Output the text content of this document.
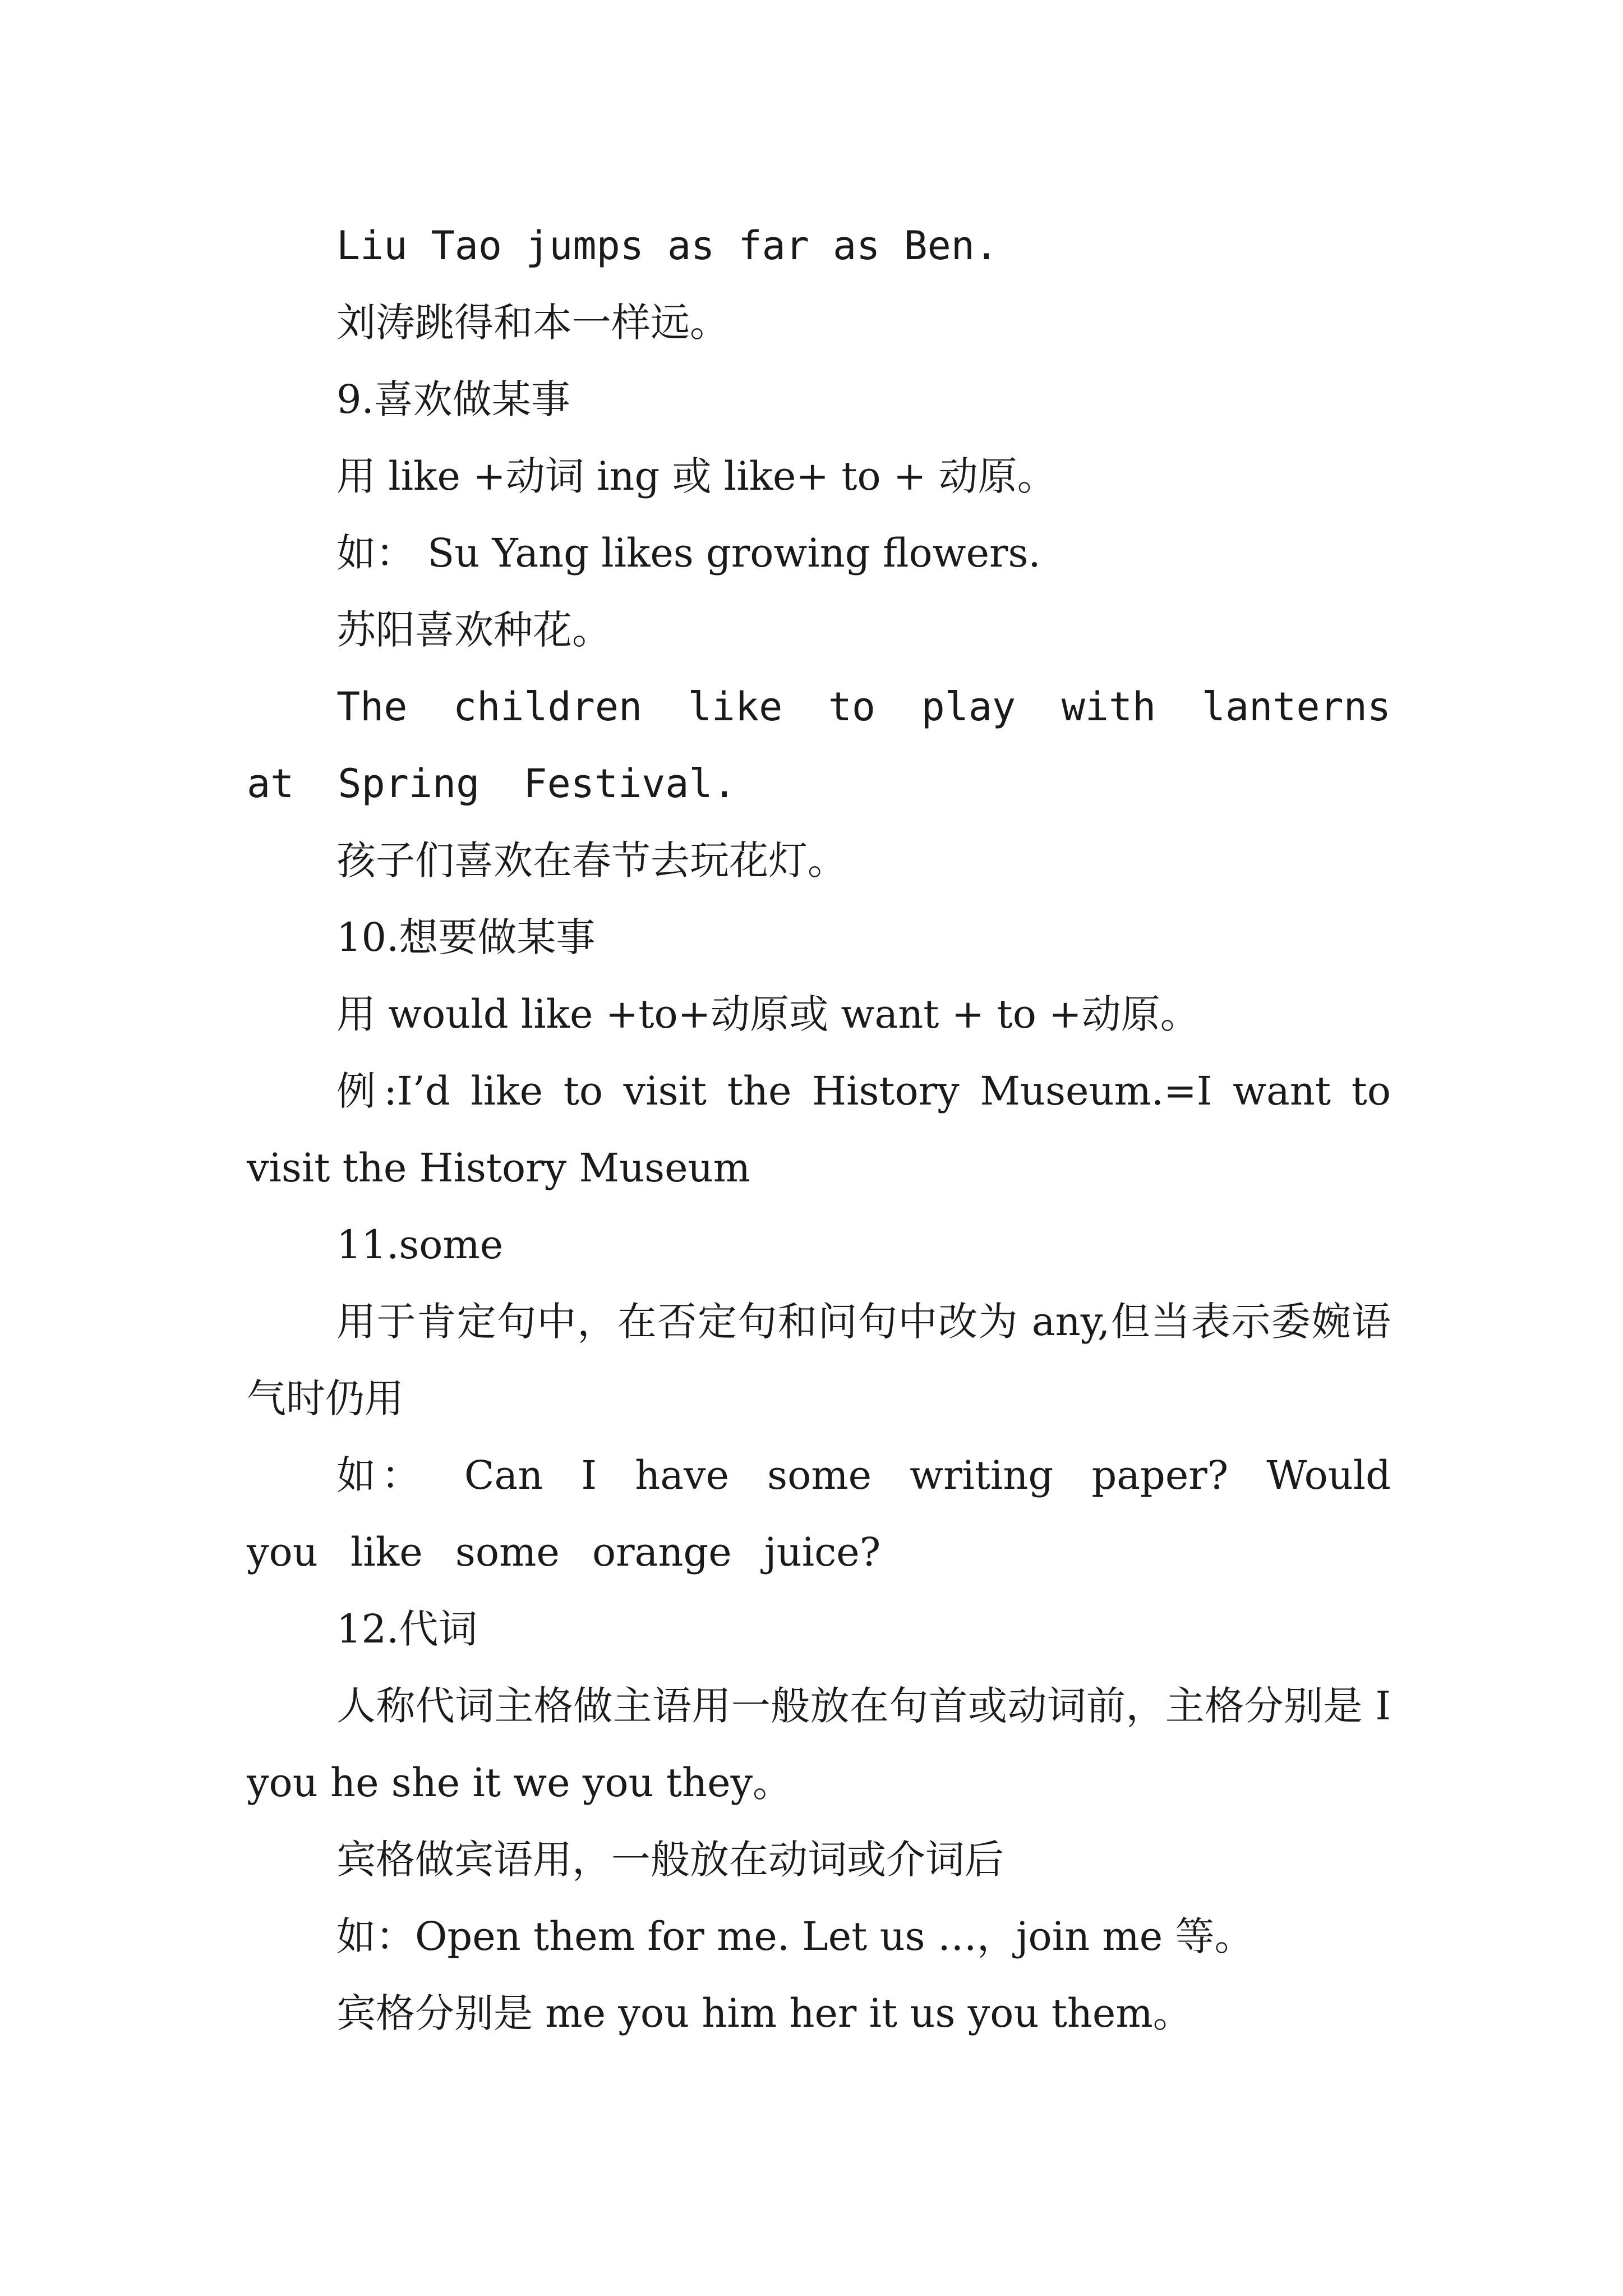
Liu Tao jumps as far as Ben.

刘涛跳得和本一样远。

9.喜欢做某事

用 like +动词 ing 或 like+ to + 动原。

如： Su Yang likes growing flowers.

苏阳喜欢种花。

The children like to play with lanterns at Spring Festival.

孩子们喜欢在春节去玩花灯。

10.想要做某事

用 would like +to+动原或 want + to +动原。

例:I’d like to visit the History Museum.=I want to visit the History Museum

11.some

用于肯定句中，在否定句和问句中改为 any,但当表示委婉语气时仍用

如： Can I have some writing paper? Would you like some orange juice?

12.代词

人称代词主格做主语用一般放在句首或动词前，主格分别是 I you he she it we you they。

宾格做宾语用，一般放在动词或介词后

如：Open them for me. Let us …，join me 等。

宾格分别是 me you him her it us you them。
